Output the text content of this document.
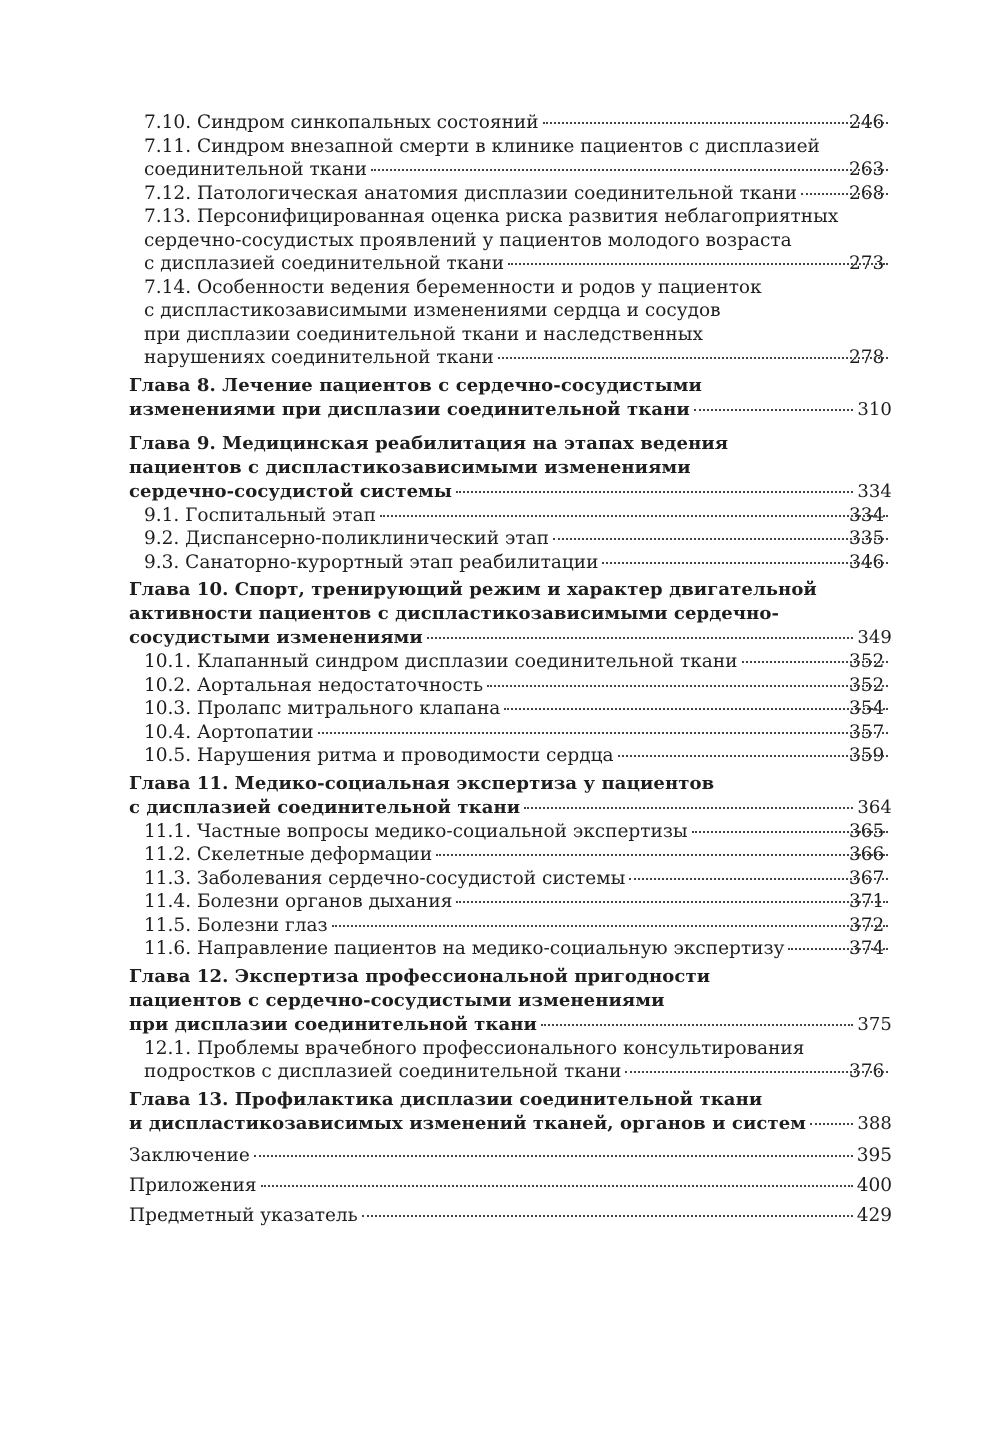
7.10. Синдром синкопальных состояний	246
7.11. Синдром внезапной смерти в клинике пациентов с дисплазией
соединительной ткани	263
7.12. Патологическая анатомия дисплазии соединительной ткани	268
7.13. Персонифицированная оценка риска развития неблагоприятных
сердечно-сосудистых проявлений у пациентов молодого возраста
с дисплазией соединительной ткани	273
7.14. Особенности ведения беременности и родов у пациенток
с диспластикозависимыми изменениями сердца и сосудов
при дисплазии соединительной ткани и наследственных
нарушениях соединительной ткани	278
Глава 8. Лечение пациентов с сердечно-сосудистыми
изменениями при дисплазии соединительной ткани	310
Глава 9. Медицинская реабилитация на этапах ведения
пациентов с диспластикозависимыми изменениями
сердечно-сосудистой системы	334
9.1. Госпитальный этап	334
9.2. Диспансерно-поликлинический этап	335
9.3. Санаторно-курортный этап реабилитации	346
Глава 10. Спорт, тренирующий режим и характер двигательной
активности пациентов с диспластикозависимыми сердечно-
сосудистыми изменениями	349
10.1. Клапанный синдром дисплазии соединительной ткани	352
10.2. Аортальная недостаточность	352
10.3. Пролапс митрального клапана	354
10.4. Аортопатии	357
10.5. Нарушения ритма и проводимости сердца	359
Глава 11. Медико-социальная экспертиза у пациентов
с дисплазией соединительной ткани	364
11.1. Частные вопросы медико-социальной экспертизы	365
11.2. Скелетные деформации	366
11.3. Заболевания сердечно-сосудистой системы	367
11.4. Болезни органов дыхания	371
11.5. Болезни глаз	372
11.6. Направление пациентов на медико-социальную экспертизу	374
Глава 12. Экспертиза профессиональной пригодности
пациентов с сердечно-сосудистыми изменениями
при дисплазии соединительной ткани	375
12.1. Проблемы врачебного профессионального консультирования
подростков с дисплазией соединительной ткани	376
Глава 13. Профилактика дисплазии соединительной ткани
и диспластикозависимых изменений тканей, органов и систем	388
Заключение	395
Приложения	400
Предметный указатель	429
